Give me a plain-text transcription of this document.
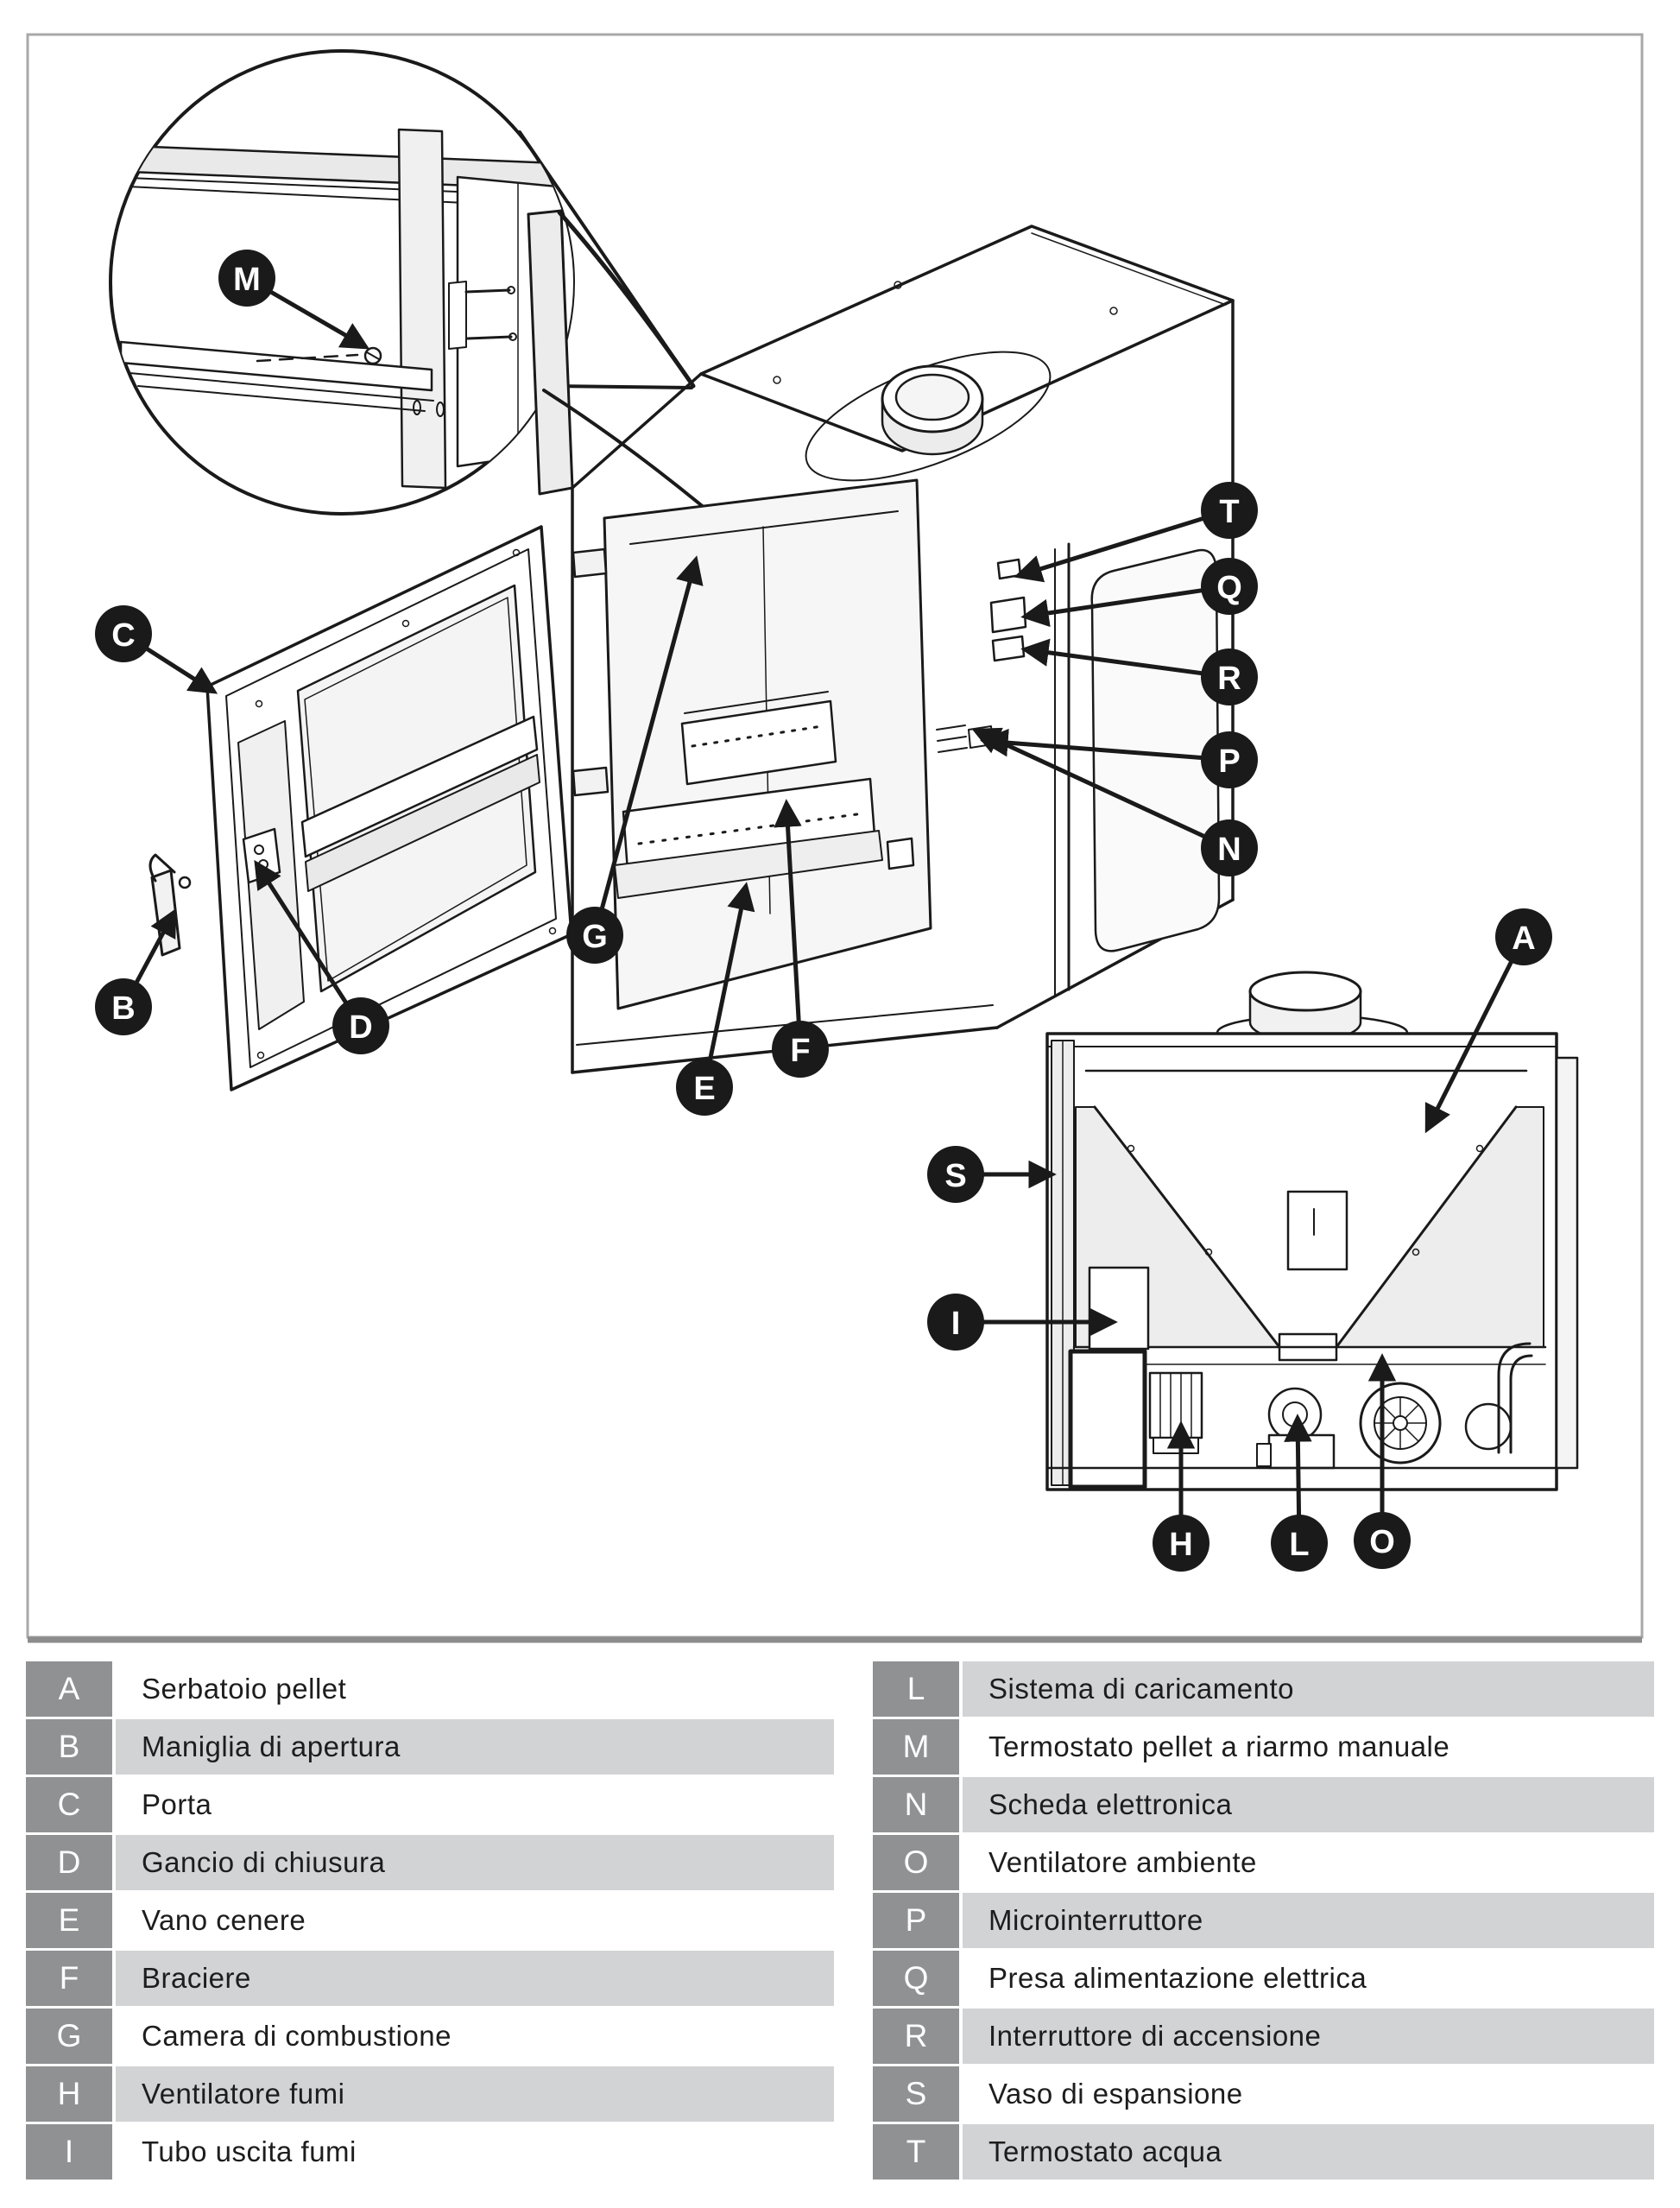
M
C
B
D
G
E
F
T
Q
R
P
N
A
S
I
H	L O
A	Serbatoio pellet
B	Maniglia di apertura
C	Porta
D	Gancio di chiusura
E	Vano cenere
F	Braciere
G	Camera di combustione
H	Ventilatore fumi
I	Tubo uscita fumi
L	Sistema di caricamento
M	Termostato pellet a riarmo manuale
N	Scheda elettronica
O	Ventilatore ambiente
P	Microinterruttore
Q	Presa alimentazione elettrica
R	Interruttore di accensione
S	Vaso di espansione
T	Termostato acqua
